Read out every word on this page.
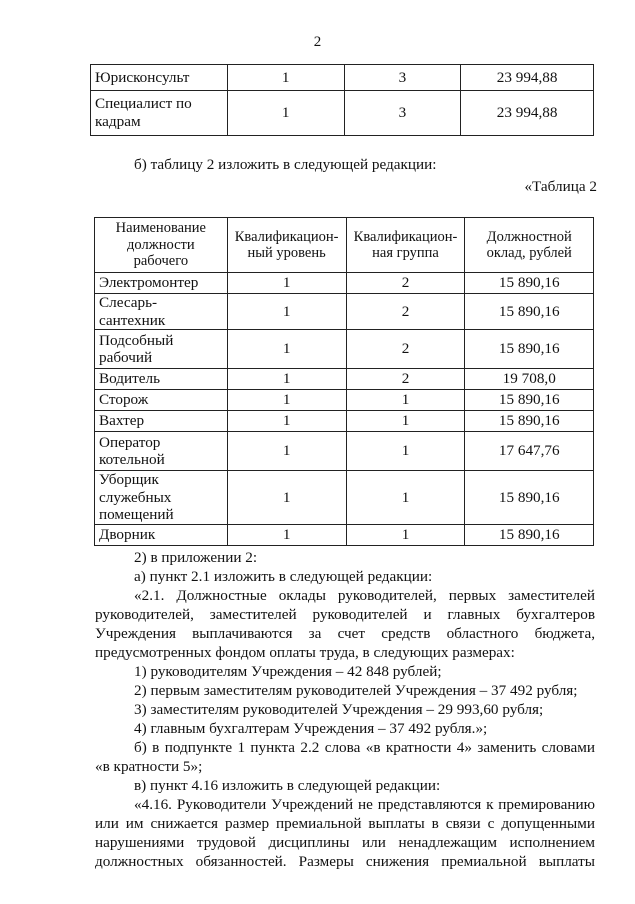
2
Юрисконсульт	1	3	23 994,88
Специалист по кадрам	1	3	23 994,88
б) таблицу 2 изложить в следующей редакции:
«Таблица 2
Наименование должности рабочего	Квалификацион-ный уровень	Квалификацион-ная группа	Должностной оклад, рублей
Электромонтер	1	2	15 890,16
Слесарь-сантехник	1	2	15 890,16
Подсобный рабочий	1	2	15 890,16
Водитель	1	2	19 708,0
Сторож	1	1	15 890,16
Вахтер	1	1	15 890,16
Оператор котельной	1	1	17 647,76
Уборщик служебных помещений	1	1	15 890,16
Дворник	1	1	15 890,16
2) в приложении 2:
а) пункт 2.1 изложить в следующей редакции:
«2.1. Должностные оклады руководителей, первых заместителей
руководителей, заместителей руководителей и главных бухгалтеров
Учреждения выплачиваются за счет средств областного бюджета,
предусмотренных фондом оплаты труда, в следующих размерах:
1) руководителям Учреждения – 42 848 рублей;
2) первым заместителям руководителей Учреждения – 37 492 рубля;
3) заместителям руководителей Учреждения – 29 993,60 рубля;
4) главным бухгалтерам Учреждения – 37 492 рубля.»;
б) в подпункте 1 пункта 2.2 слова «в кратности 4» заменить словами
«в кратности 5»;
в) пункт 4.16 изложить в следующей редакции:
«4.16. Руководители Учреждений не представляются к премированию
или им снижается размер премиальной выплаты в связи с допущенными
нарушениями трудовой дисциплины или ненадлежащим исполнением
должностных обязанностей. Размеры снижения премиальной выплаты
